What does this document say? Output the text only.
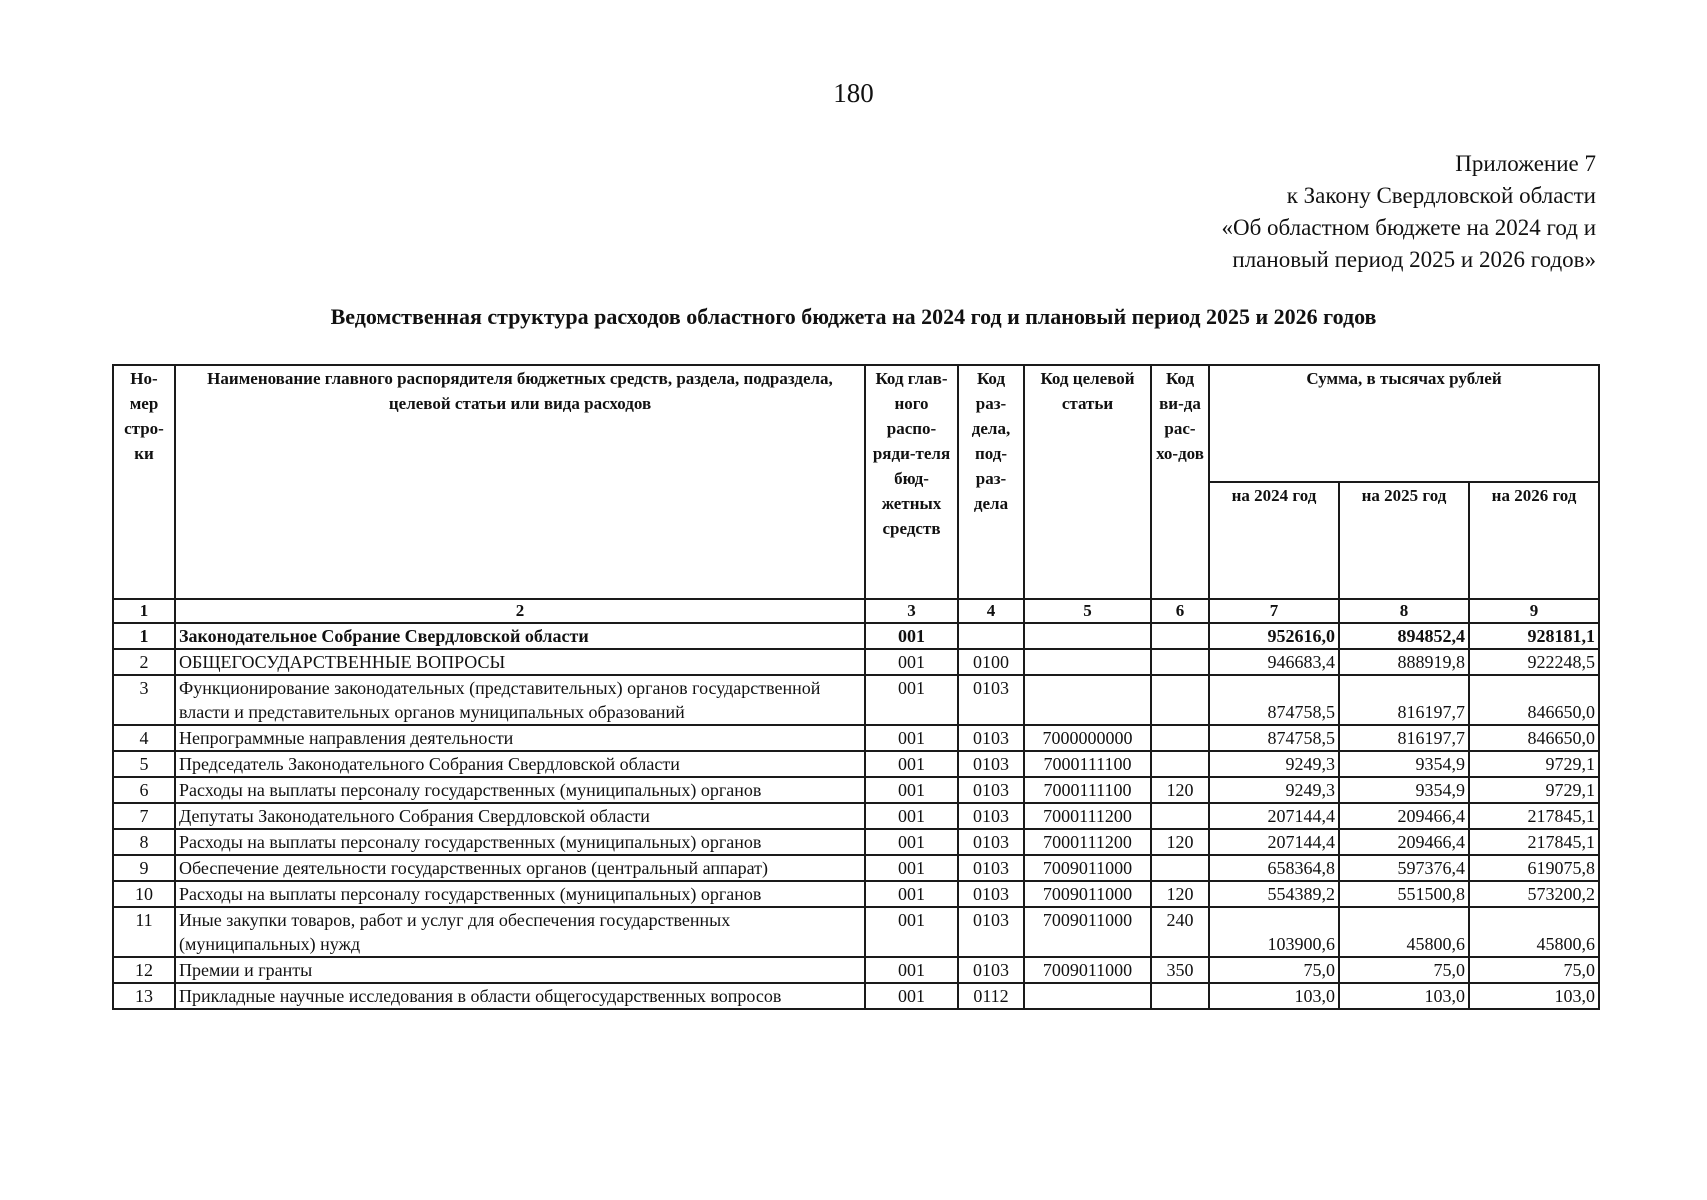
180
Приложение 7
к Закону Свердловской области
«Об областном бюджете на 2024 год и
плановый период 2025 и 2026 годов»
Ведомственная структура расходов областного бюджета на 2024 год и плановый период 2025 и 2026 годов
Но-мер стро-ки	Наименование главного распорядителя бюджетных средств, раздела, подраздела, целевой статьи или вида расходов	Код глав-ного распо-ряди-теля бюд-жетных средств	Код раз-дела, под-раз-дела	Код целевой статьи	Код ви-да рас-хо-дов	Сумма, в тысячах рублей		
						на 2024 год	на 2025 год	на 2026 год
1	2	3	4	5	6	7	8	9
1	Законодательное Собрание Свердловской области	001				952616,0	894852,4	928181,1
2	ОБЩЕГОСУДАРСТВЕННЫЕ ВОПРОСЫ	001	0100			946683,4	888919,8	922248,5
3	Функционирование законодательных (представительных) органов государственной власти и представительных органов муниципальных образований	001	0103			874758,5	816197,7	846650,0
4	Непрограммные направления деятельности	001	0103	7000000000		874758,5	816197,7	846650,0
5	Председатель Законодательного Собрания Свердловской области	001	0103	7000111100		9249,3	9354,9	9729,1
6	Расходы на выплаты персоналу государственных (муниципальных) органов	001	0103	7000111100	120	9249,3	9354,9	9729,1
7	Депутаты Законодательного Собрания Свердловской области	001	0103	7000111200		207144,4	209466,4	217845,1
8	Расходы на выплаты персоналу государственных (муниципальных) органов	001	0103	7000111200	120	207144,4	209466,4	217845,1
9	Обеспечение деятельности государственных органов (центральный аппарат)	001	0103	7009011000		658364,8	597376,4	619075,8
10	Расходы на выплаты персоналу государственных (муниципальных) органов	001	0103	7009011000	120	554389,2	551500,8	573200,2
11	Иные закупки товаров, работ и услуг для обеспечения государственных (муниципальных) нужд	001	0103	7009011000	240	103900,6	45800,6	45800,6
12	Премии и гранты	001	0103	7009011000	350	75,0	75,0	75,0
13	Прикладные научные исследования в области общегосударственных вопросов	001	0112			103,0	103,0	103,0
